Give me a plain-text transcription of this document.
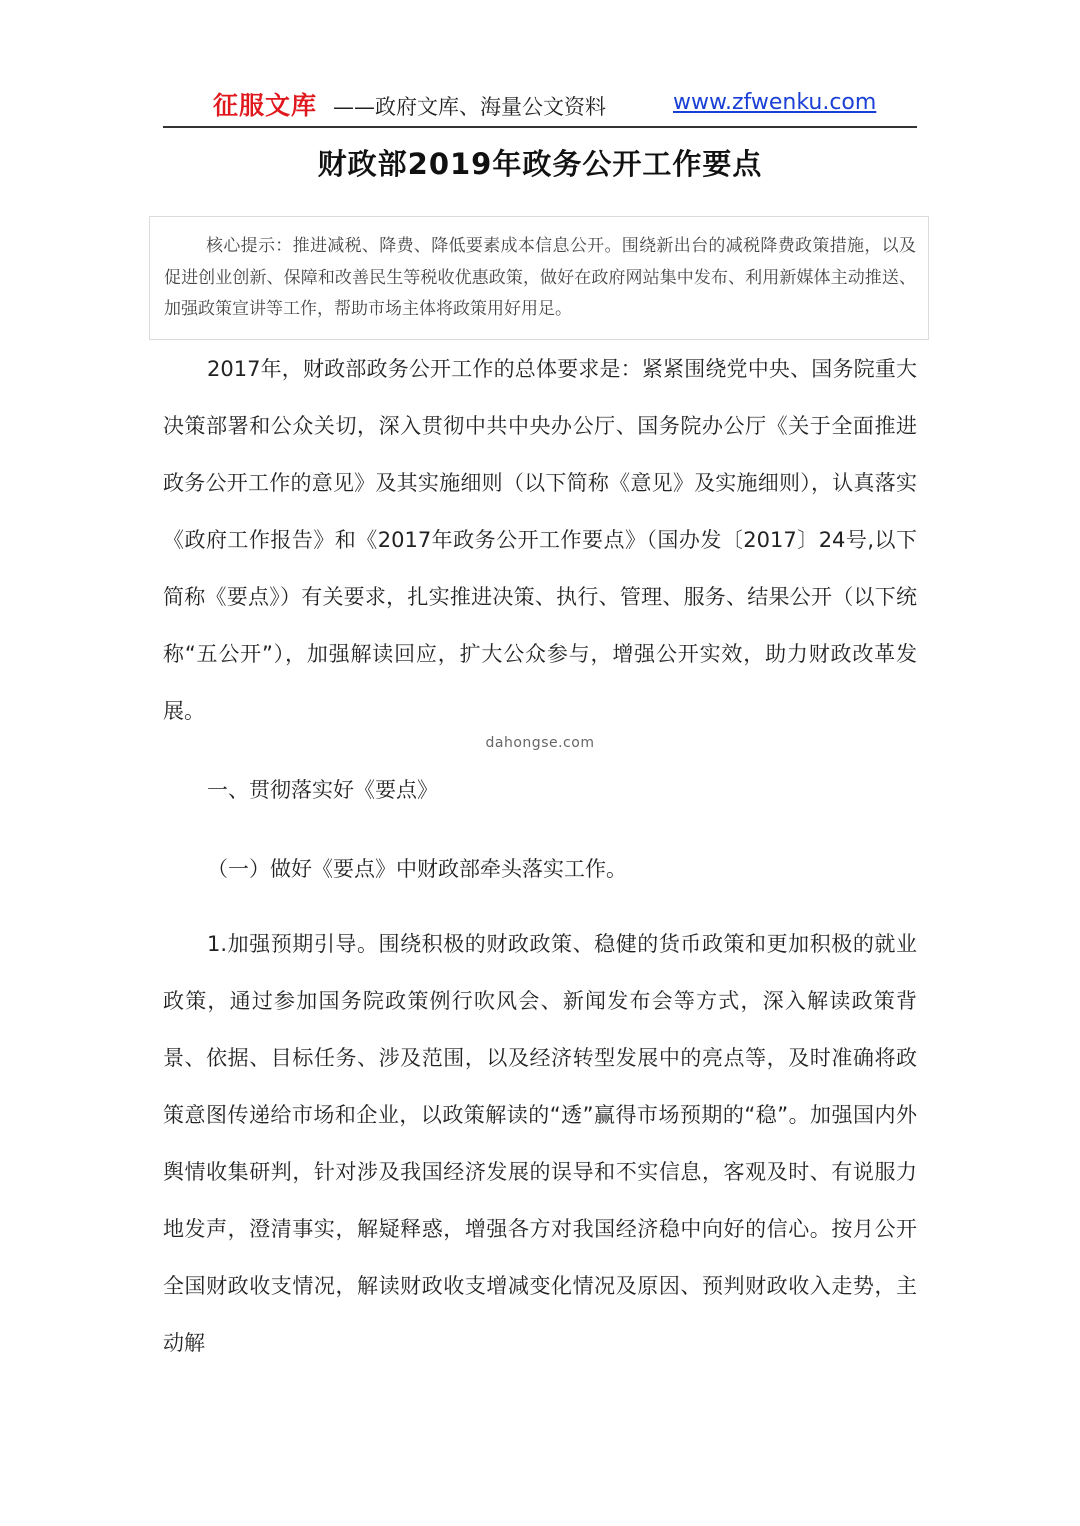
征服文库 ——政府文库、海量公文资料	www.zfwenku.com
财政部2019年政务公开工作要点
核心提示：推进减税、降费、降低要素成本信息公开。围绕新出台的减税降费政策措施，以及促进创业创新、保障和改善民生等税收优惠政策，做好在政府网站集中发布、利用新媒体主动推送、加强政策宣讲等工作，帮助市场主体将政策用好用足。
2017年，财政部政务公开工作的总体要求是：紧紧围绕党中央、国务院重大决策部署和公众关切，深入贯彻中共中央办公厅、国务院办公厅《关于全面推进政务公开工作的意见》及其实施细则（以下简称《意见》及实施细则），认真落实《政府工作报告》和《2017年政务公开工作要点》（国办发〔2017〕24号,以下简称《要点》）有关要求，扎实推进决策、执行、管理、服务、结果公开（以下统称“五公开”），加强解读回应，扩大公众参与，增强公开实效，助力财政改革发展。
dahongse.com
一、贯彻落实好《要点》
（一）做好《要点》中财政部牵头落实工作。
1.加强预期引导。围绕积极的财政政策、稳健的货币政策和更加积极的就业政策，通过参加国务院政策例行吹风会、新闻发布会等方式，深入解读政策背景、依据、目标任务、涉及范围，以及经济转型发展中的亮点等，及时准确将政策意图传递给市场和企业，以政策解读的“透”赢得市场预期的“稳”。加强国内外舆情收集研判，针对涉及我国经济发展的误导和不实信息，客观及时、有说服力地发声，澄清事实，解疑释惑，增强各方对我国经济稳中向好的信心。按月公开全国财政收支情况，解读财政收支增减变化情况及原因、预判财政收入走势，主动解
